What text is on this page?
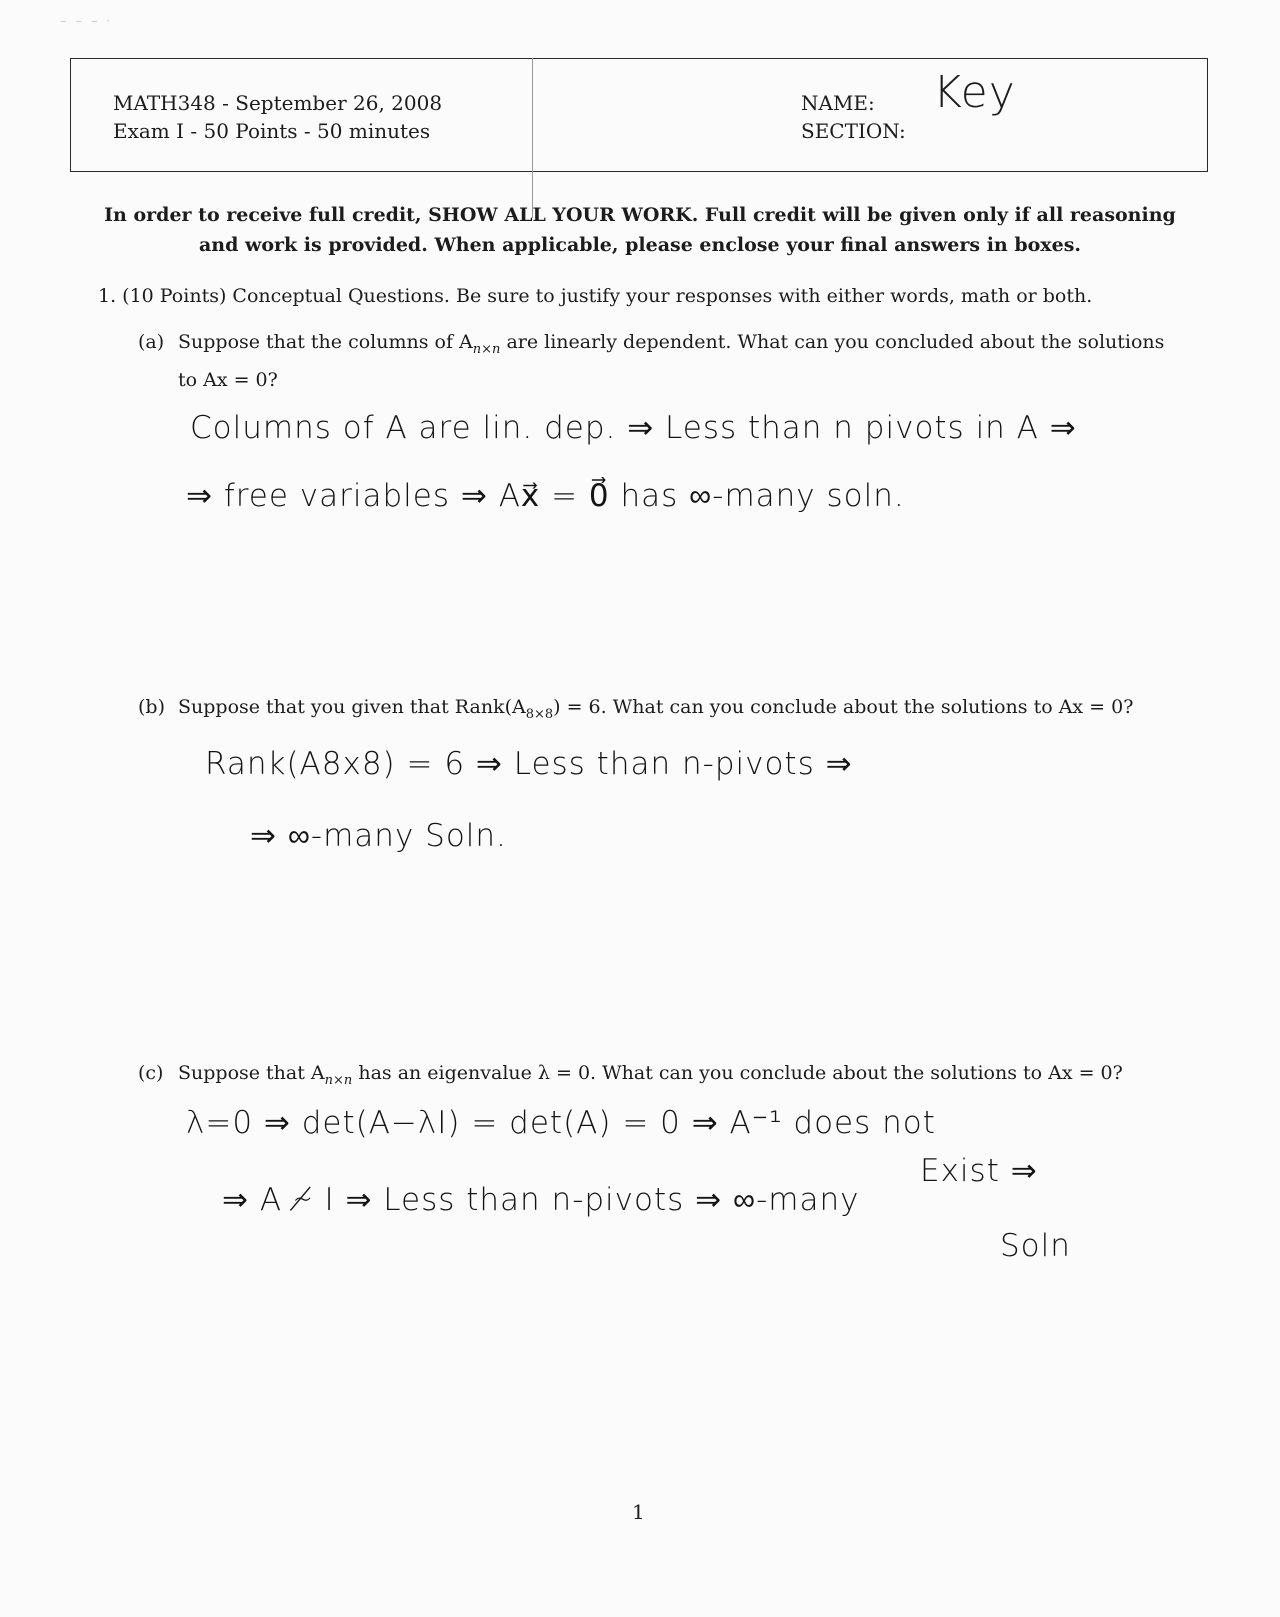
‒ ‒ ‒ ·
MATH348 - September 26, 2008
Exam I - 50 Points - 50 minutes
NAME:
SECTION:
Key
In order to receive full credit, SHOW ALL YOUR WORK. Full credit will be given only if all reasoning and work is provided. When applicable, please enclose your final answers in boxes.
1. (10 Points) Conceptual Questions. Be sure to justify your responses with either words, math or both.
(a) Suppose that the columns of $A_{n\times n}$ are linearly dependent. What can you concluded about the solutions
to Ax = 0?
Columns of A are lin. dep. ⇒ Less than n pivots in A ⇒
⇒ free variables ⇒ Ax⃗ = 0⃗ has ∞-many soln.
(b) Suppose that you given that $Rank(A_{8\times 8}) = 6$. What can you conclude about the solutions to Ax = 0?
Rank(A8x8) = 6 ⇒ Less than n-pivots ⇒
⇒ ∞-many Soln.
(c) Suppose that $A_{n\times n}$ has an eigenvalue λ = 0. What can you conclude about the solutions to Ax = 0?
λ=0 ⇒ det(A−λI) = det(A) = 0 ⇒ A⁻¹ does not
Exist ⇒
⇒ A ≁ I ⇒ Less than n-pivots ⇒ ∞-many
Soln
1
